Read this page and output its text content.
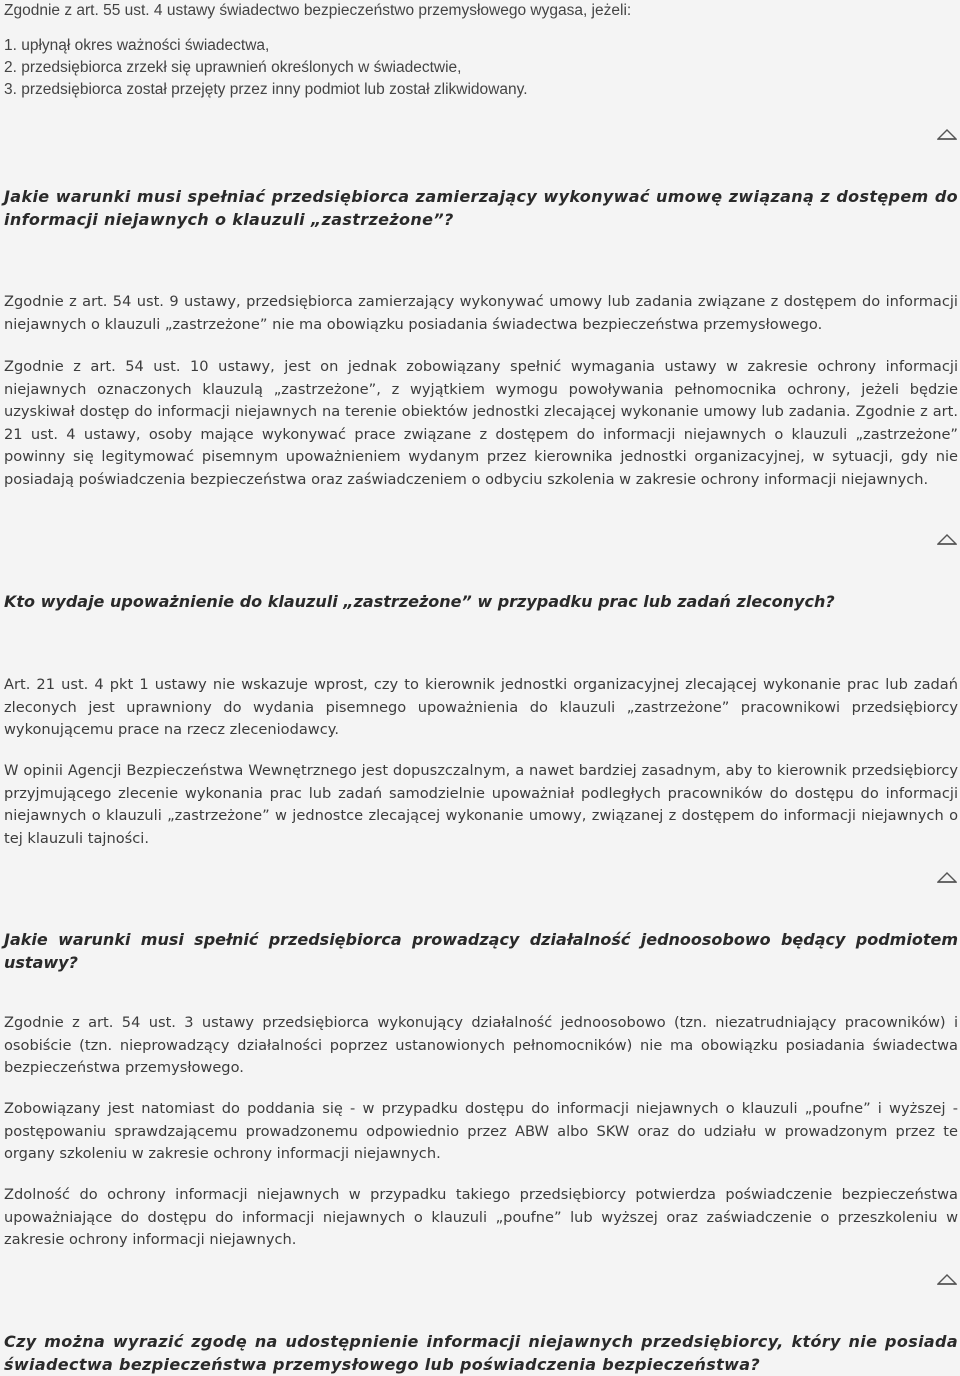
Zgodnie z art. 55 ust. 4 ustawy świadectwo bezpieczeństwo przemysłowego wygasa, jeżeli:

1. upłynął okres ważności świadectwa,
2. przedsiębiorca zrzekł się uprawnień określonych w świadectwie,
3. przedsiębiorca został przejęty przez inny podmiot lub został zlikwidowany.
Jakie warunki musi spełniać przedsiębiorca zamierzający wykonywać umowę związaną z dostępem do informacji niejawnych o klauzuli „zastrzeżone”?

Zgodnie z art. 54 ust. 9 ustawy, przedsiębiorca zamierzający wykonywać umowy lub zadania związane z dostępem do informacji niejawnych o klauzuli „zastrzeżone” nie ma obowiązku posiadania świadectwa bezpieczeństwa przemysłowego.

Zgodnie z art. 54 ust. 10 ustawy, jest on jednak zobowiązany spełnić wymagania ustawy w zakresie ochrony informacji niejawnych oznaczonych klauzulą „zastrzeżone”, z wyjątkiem wymogu powoływania pełnomocnika ochrony, jeżeli będzie uzyskiwał dostęp do informacji niejawnych na terenie obiektów jednostki zlecającej wykonanie umowy lub zadania. Zgodnie z art. 21 ust. 4 ustawy, osoby mające wykonywać prace związane z dostępem do informacji niejawnych o klauzuli „zastrzeżone” powinny się legitymować pisemnym upoważnieniem wydanym przez kierownika jednostki organizacyjnej, w sytuacji, gdy nie posiadają poświadczenia bezpieczeństwa oraz zaświadczeniem o odbyciu szkolenia w zakresie ochrony informacji niejawnych.

Kto wydaje upoważnienie do klauzuli „zastrzeżone” w przypadku prac lub zadań zleconych?

Art. 21 ust. 4 pkt 1 ustawy nie wskazuje wprost, czy to kierownik jednostki organizacyjnej zlecającej wykonanie prac lub zadań zleconych jest uprawniony do wydania pisemnego upoważnienia do klauzuli „zastrzeżone” pracownikowi przedsiębiorcy wykonującemu prace na rzecz zleceniodawcy.

W opinii Agencji Bezpieczeństwa Wewnętrznego jest dopuszczalnym, a nawet bardziej zasadnym, aby to kierownik przedsiębiorcy przyjmującego zlecenie wykonania prac lub zadań samodzielnie upoważniał podległych pracowników do dostępu do informacji niejawnych o klauzuli „zastrzeżone” w jednostce zlecającej wykonanie umowy, związanej z dostępem do informacji niejawnych o tej klauzuli tajności.

Jakie warunki musi spełnić przedsiębiorca prowadzący działalność jednoosobowo będący podmiotem ustawy?

Zgodnie z art. 54 ust. 3 ustawy przedsiębiorca wykonujący działalność jednoosobowo (tzn. niezatrudniający pracowników) i osobiście (tzn. nieprowadzący działalności poprzez ustanowionych pełnomocników) nie ma obowiązku posiadania świadectwa bezpieczeństwa przemysłowego.

Zobowiązany jest natomiast do poddania się - w przypadku dostępu do informacji niejawnych o klauzuli „poufne” i wyższej - postępowaniu sprawdzającemu prowadzonemu odpowiednio przez ABW albo SKW oraz do udziału w prowadzonym przez te organy szkoleniu w zakresie ochrony informacji niejawnych.

Zdolność do ochrony informacji niejawnych w przypadku takiego przedsiębiorcy potwierdza poświadczenie bezpieczeństwa upoważniające do dostępu do informacji niejawnych o klauzuli „poufne” lub wyższej oraz zaświadczenie o przeszkoleniu w zakresie ochrony informacji niejawnych.

Czy można wyrazić zgodę na udostępnienie informacji niejawnych przedsiębiorcy, który nie posiada świadectwa bezpieczeństwa przemysłowego lub poświadczenia bezpieczeństwa?
